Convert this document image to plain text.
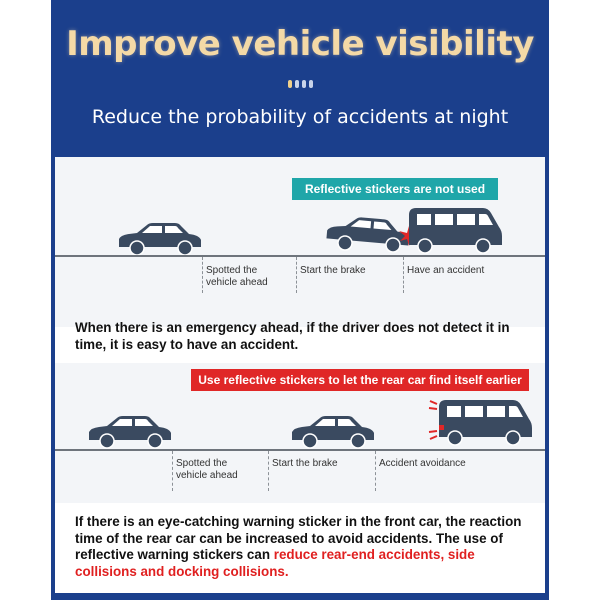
Improve vehicle visibility
Reduce the probability of accidents at night
Reflective stickers are not used
Spotted the
vehicle ahead
Start the brake	Have an accident
When there is an emergency ahead, if the driver does not detect it in time, it is easy to have an accident.
Use reflective stickers to let the rear car find itself earlier
Spotted the
vehicle ahead
Start the brake	Accident avoidance
If there is an eye-catching warning sticker in the front car, the reaction time of the rear car can be increased to avoid accidents. The use of reflective warning stickers can reduce rear-end accidents, side collisions and docking collisions.
